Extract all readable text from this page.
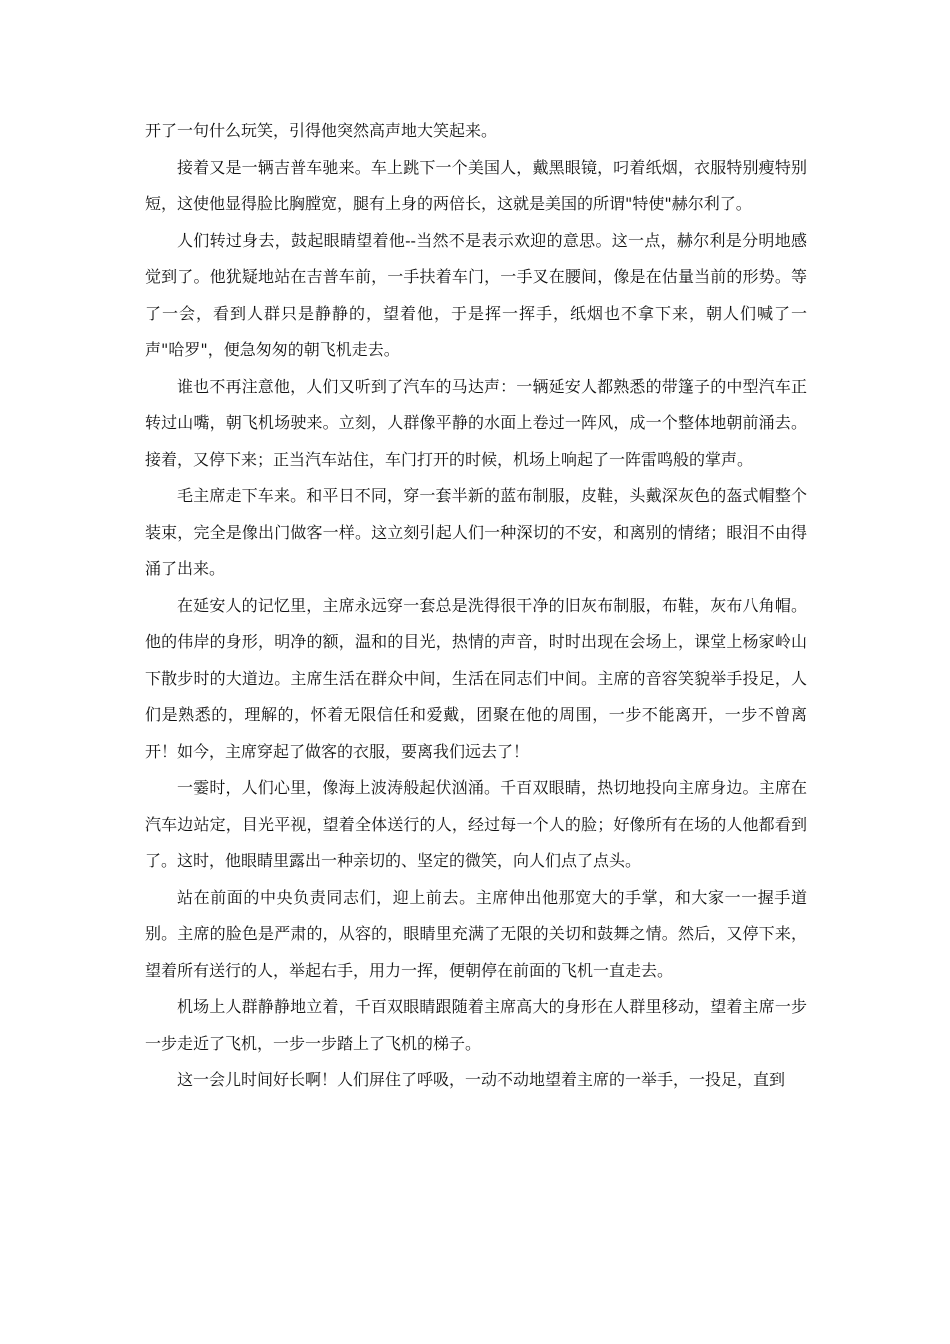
开了一句什么玩笑，引得他突然高声地大笑起来。

接着又是一辆吉普车驰来。车上跳下一个美国人，戴黑眼镜，叼着纸烟，衣服特别瘦特别短，这使他显得脸比胸膛宽，腿有上身的两倍长，这就是美国的所谓"特使"赫尔利了。

人们转过身去，鼓起眼睛望着他--当然不是表示欢迎的意思。这一点，赫尔利是分明地感觉到了。他犹疑地站在吉普车前，一手扶着车门，一手叉在腰间，像是在估量当前的形势。等了一会，看到人群只是静静的，望着他，于是挥一挥手，纸烟也不拿下来，朝人们喊了一声"哈罗"，便急匆匆的朝飞机走去。

谁也不再注意他，人们又听到了汽车的马达声：一辆延安人都熟悉的带篷子的中型汽车正转过山嘴，朝飞机场驶来。立刻，人群像平静的水面上卷过一阵风，成一个整体地朝前涌去。接着，又停下来；正当汽车站住，车门打开的时候，机场上响起了一阵雷鸣般的掌声。

毛主席走下车来。和平日不同，穿一套半新的蓝布制服，皮鞋，头戴深灰色的盔式帽整个装束，完全是像出门做客一样。这立刻引起人们一种深切的不安，和离别的情绪；眼泪不由得涌了出来。

在延安人的记忆里，主席永远穿一套总是洗得很干净的旧灰布制服，布鞋，灰布八角帽。他的伟岸的身形，明净的额，温和的目光，热情的声音，时时出现在会场上，课堂上杨家岭山下散步时的大道边。主席生活在群众中间，生活在同志们中间。主席的音容笑貌举手投足，人们是熟悉的，理解的，怀着无限信任和爱戴，团聚在他的周围，一步不能离开，一步不曾离开！如今，主席穿起了做客的衣服，要离我们远去了！

一霎时，人们心里，像海上波涛般起伏汹涌。千百双眼睛，热切地投向主席身边。主席在汽车边站定，目光平视，望着全体送行的人，经过每一个人的脸；好像所有在场的人他都看到了。这时，他眼睛里露出一种亲切的、坚定的微笑，向人们点了点头。

站在前面的中央负责同志们，迎上前去。主席伸出他那宽大的手掌，和大家一一握手道别。主席的脸色是严肃的，从容的，眼睛里充满了无限的关切和鼓舞之情。然后，又停下来，望着所有送行的人，举起右手，用力一挥，便朝停在前面的飞机一直走去。

机场上人群静静地立着，千百双眼睛跟随着主席高大的身形在人群里移动，望着主席一步一步走近了飞机，一步一步踏上了飞机的梯子。

这一会儿时间好长啊！人们屏住了呼吸，一动不动地望着主席的一举手，一投足，直到
